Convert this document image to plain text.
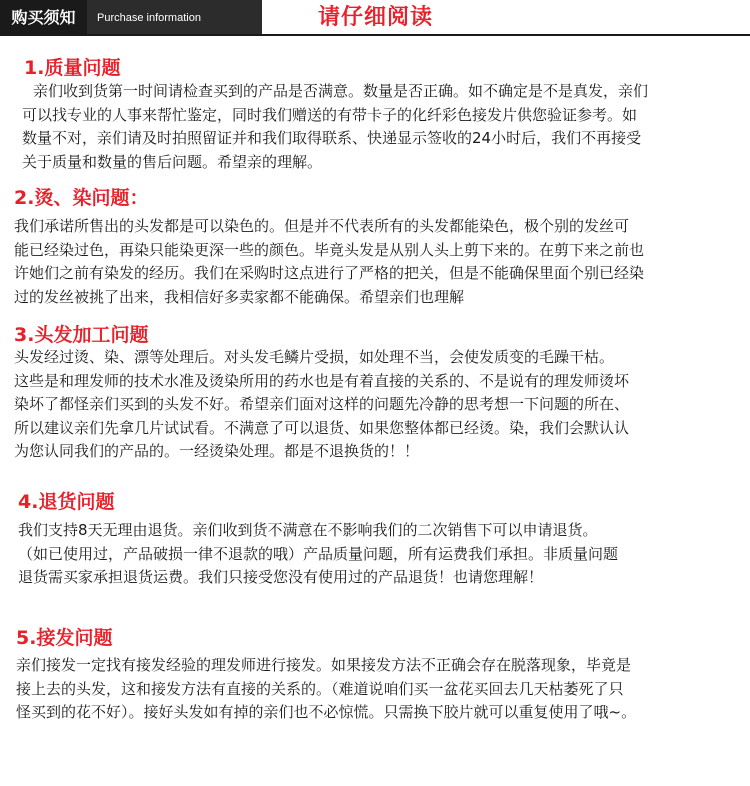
购买须知	Purchase information	请仔细阅读
1.质量问题
亲们收到货第一时间请检查买到的产品是否满意。数量是否正确。如不确定是不是真发，亲们
可以找专业的人事来帮忙鉴定，同时我们赠送的有带卡子的化纤彩色接发片供您验证参考。如
数量不对，亲们请及时拍照留证并和我们取得联系、快递显示签收的24小时后，我们不再接受
关于质量和数量的售后问题。希望亲的理解。
2.烫、染问题：
我们承诺所售出的头发都是可以染色的。但是并不代表所有的头发都能染色，极个别的发丝可
能已经染过色，再染只能染更深一些的颜色。毕竟头发是从别人头上剪下来的。在剪下来之前也
许她们之前有染发的经历。我们在采购时这点进行了严格的把关，但是不能确保里面个别已经染
过的发丝被挑了出来，我相信好多卖家都不能确保。希望亲们也理解
3.头发加工问题
头发经过烫、染、漂等处理后。对头发毛鳞片受损，如处理不当，会使发质变的毛躁干枯。
这些是和理发师的技术水准及烫染所用的药水也是有着直接的关系的、不是说有的理发师烫坏
染坏了都怪亲们买到的头发不好。希望亲们面对这样的问题先冷静的思考想一下问题的所在、
所以建议亲们先拿几片试试看。不满意了可以退货、如果您整体都已经烫。染，我们会默认认
为您认同我们的产品的。一经烫染处理。都是不退换货的！！
4.退货问题
我们支持8天无理由退货。亲们收到货不满意在不影响我们的二次销售下可以申请退货。
（如已使用过，产品破损一律不退款的哦）产品质量问题，所有运费我们承担。非质量问题
退货需买家承担退货运费。我们只接受您没有使用过的产品退货！也请您理解！
5.接发问题
亲们接发一定找有接发经验的理发师进行接发。如果接发方法不正确会存在脱落现象，毕竟是
接上去的头发，这和接发方法有直接的关系的。（难道说咱们买一盆花买回去几天枯萎死了只
怪买到的花不好）。接好头发如有掉的亲们也不必惊慌。只需换下胶片就可以重复使用了哦~。
